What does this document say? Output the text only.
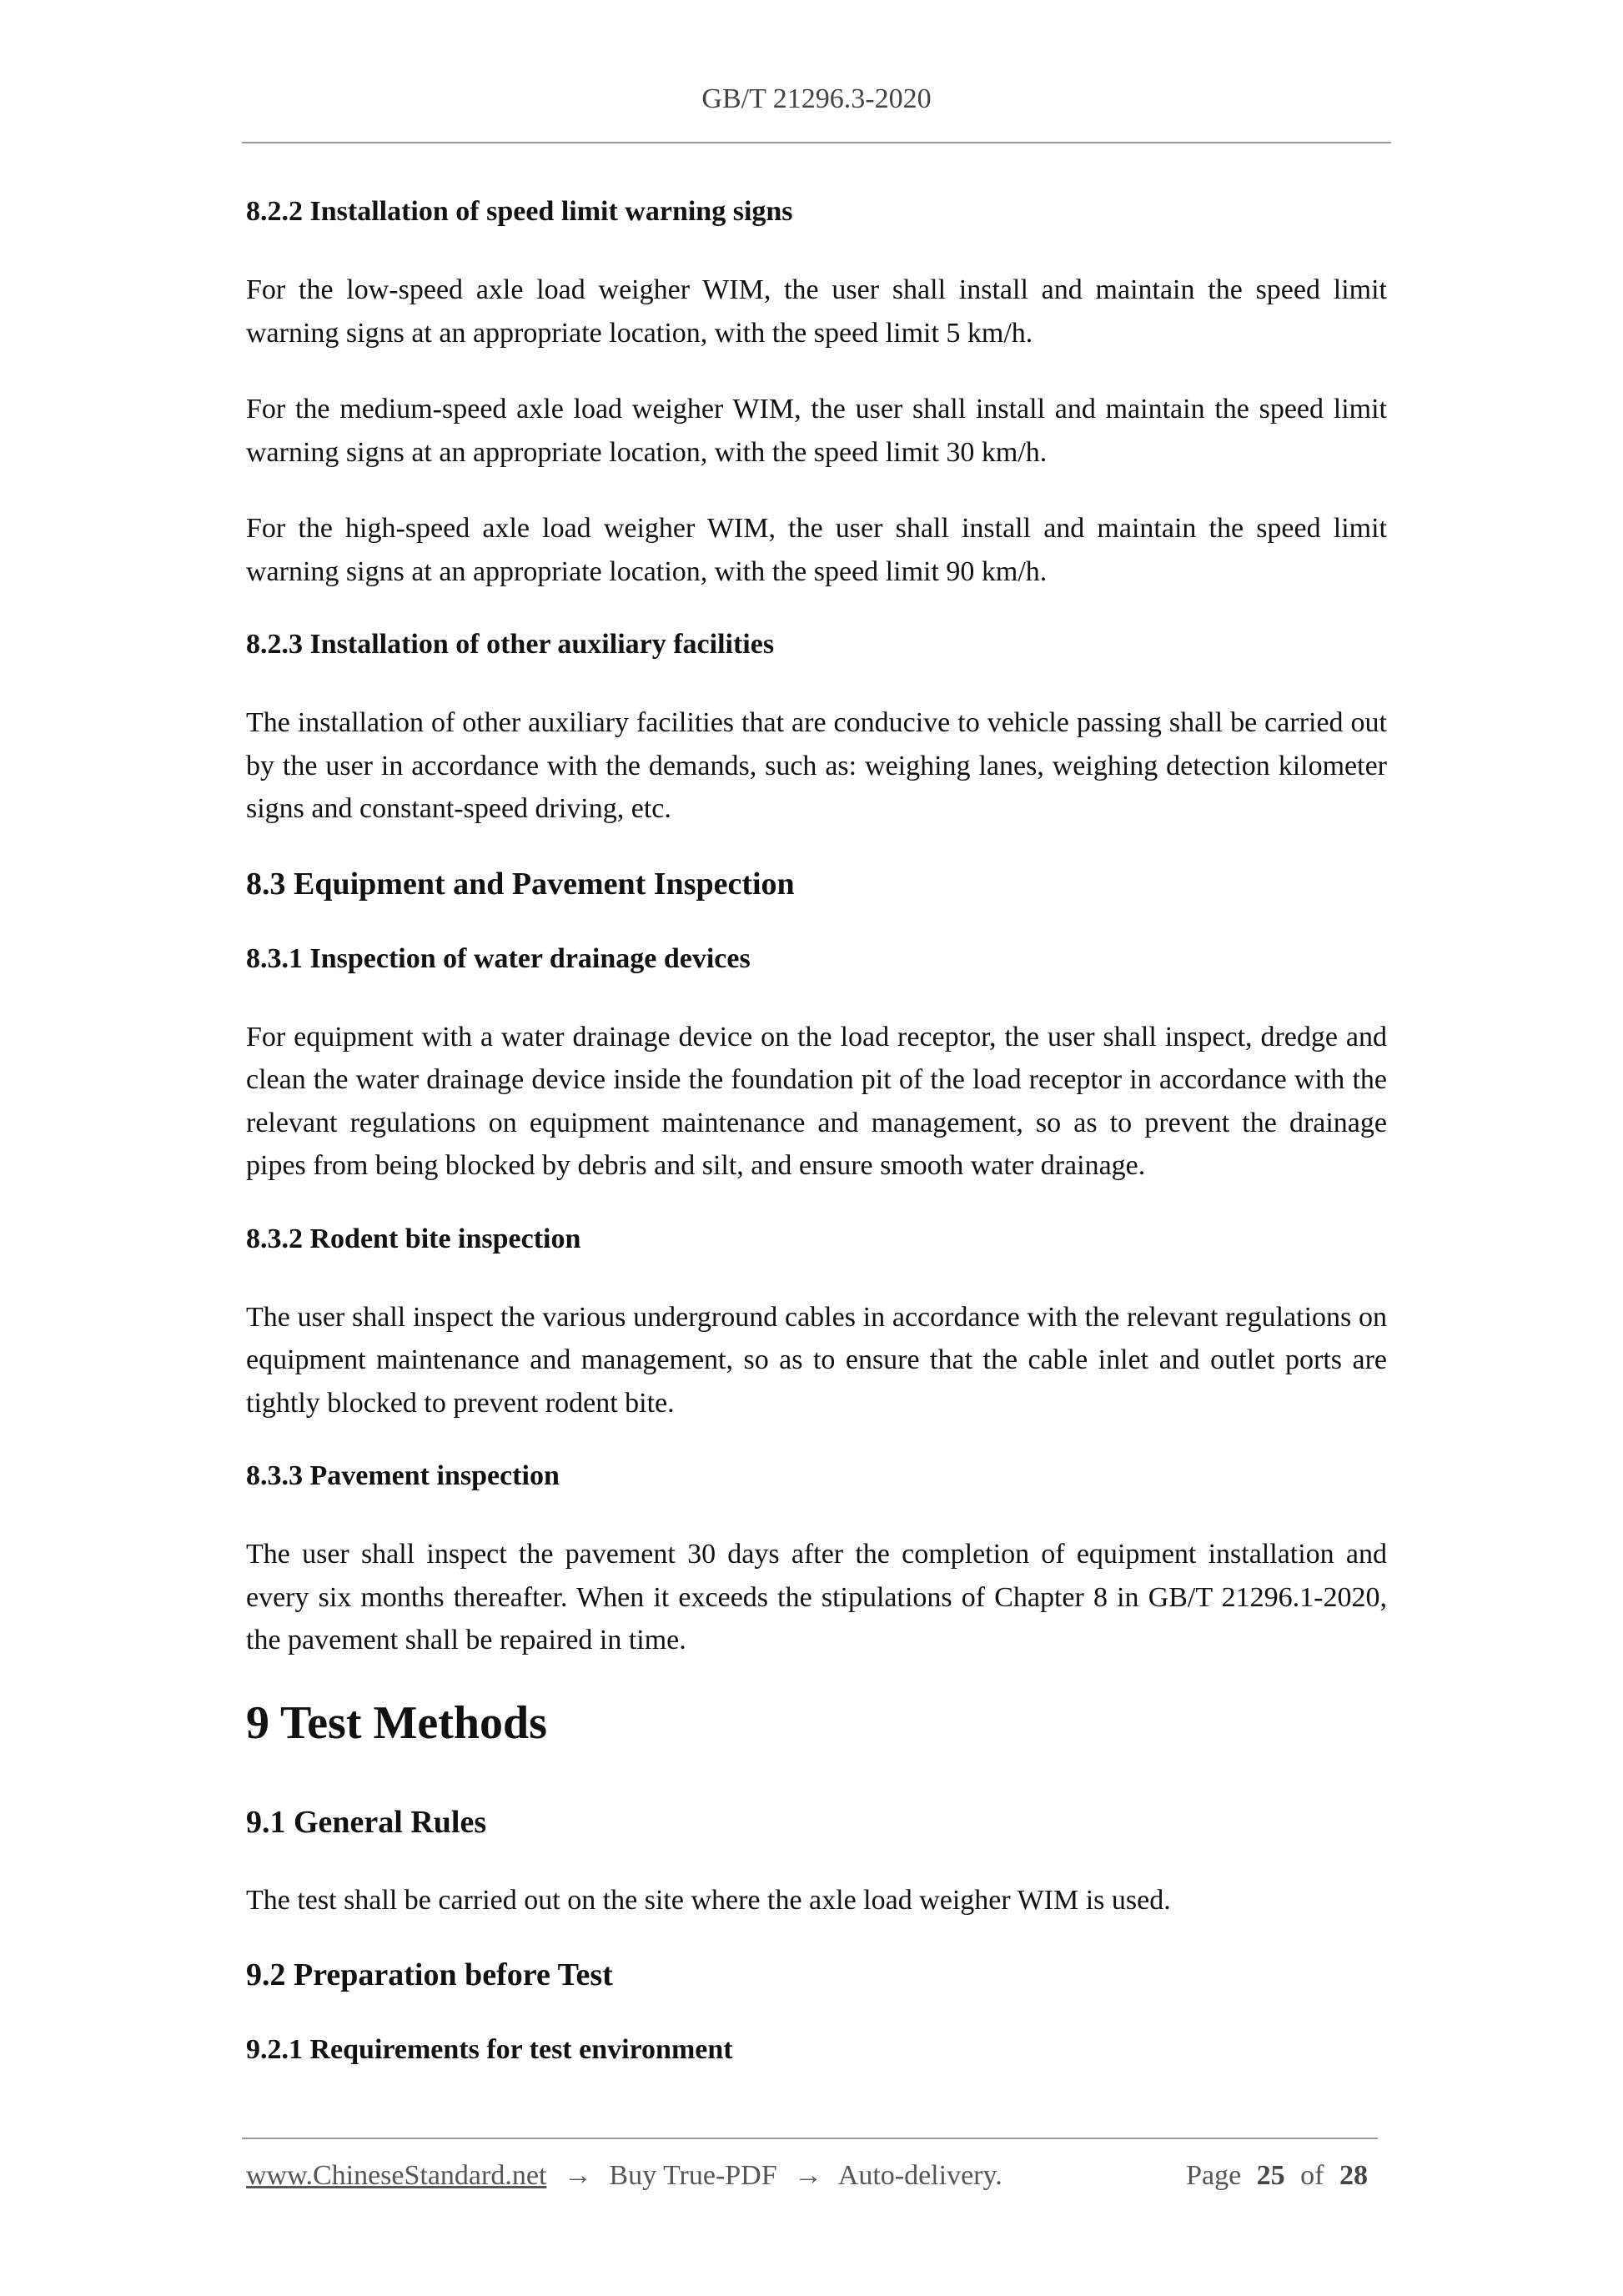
GB/T 21296.3-2020
8.2.2 Installation of speed limit warning signs
For the low-speed axle load weigher WIM, the user shall install and maintain the speed limit warning signs at an appropriate location, with the speed limit 5 km/h.
For the medium-speed axle load weigher WIM, the user shall install and maintain the speed limit warning signs at an appropriate location, with the speed limit 30 km/h.
For the high-speed axle load weigher WIM, the user shall install and maintain the speed limit warning signs at an appropriate location, with the speed limit 90 km/h.
8.2.3 Installation of other auxiliary facilities
The installation of other auxiliary facilities that are conducive to vehicle passing shall be carried out by the user in accordance with the demands, such as: weighing lanes, weighing detection kilometer signs and constant-speed driving, etc.
8.3 Equipment and Pavement Inspection
8.3.1 Inspection of water drainage devices
For equipment with a water drainage device on the load receptor, the user shall inspect, dredge and clean the water drainage device inside the foundation pit of the load receptor in accordance with the relevant regulations on equipment maintenance and management, so as to prevent the drainage pipes from being blocked by debris and silt, and ensure smooth water drainage.
8.3.2 Rodent bite inspection
The user shall inspect the various underground cables in accordance with the relevant regulations on equipment maintenance and management, so as to ensure that the cable inlet and outlet ports are tightly blocked to prevent rodent bite.
8.3.3 Pavement inspection
The user shall inspect the pavement 30 days after the completion of equipment installation and every six months thereafter. When it exceeds the stipulations of Chapter 8 in GB/T 21296.1-2020, the pavement shall be repaired in time.
9 Test Methods
9.1 General Rules
The test shall be carried out on the site where the axle load weigher WIM is used.
9.2 Preparation before Test
9.2.1 Requirements for test environment
www.ChineseStandard.net → Buy True-PDF → Auto-delivery.	Page 25 of 28
